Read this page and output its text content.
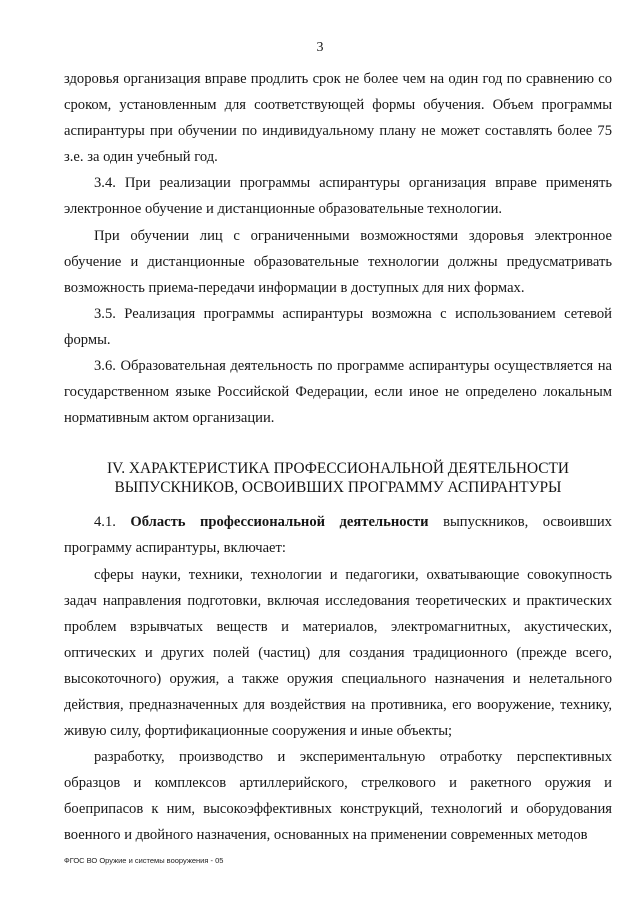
3

здоровья организация вправе продлить срок не более чем на один год по сравнению со сроком, установленным для соответствующей формы обучения. Объем программы аспирантуры при обучении по индивидуальному плану не может составлять более 75 з.е. за один учебный год.

3.4. При реализации программы аспирантуры организация вправе применять электронное обучение и дистанционные образовательные технологии.

При обучении лиц с ограниченными возможностями здоровья электронное обучение и дистанционные образовательные технологии должны предусматривать возможность приема-передачи информации в доступных для них формах.

3.5. Реализация программы аспирантуры возможна с использованием сетевой формы.

3.6. Образовательная деятельность по программе аспирантуры осуществляется на государственном языке Российской Федерации, если иное не определено локальным нормативным актом организации.

IV. ХАРАКТЕРИСТИКА ПРОФЕССИОНАЛЬНОЙ ДЕЯТЕЛЬНОСТИ
ВЫПУСКНИКОВ, ОСВОИВШИХ ПРОГРАММУ АСПИРАНТУРЫ

4.1. Область профессиональной деятельности выпускников, освоивших программу аспирантуры, включает:

сферы науки, техники, технологии и педагогики, охватывающие совокупность задач направления подготовки, включая исследования теоретических и практических проблем взрывчатых веществ и материалов, электромагнитных, акустических, оптических и других полей (частиц) для создания традиционного (прежде всего, высокоточного) оружия, а также оружия специального назначения и нелетального действия, предназначенных для воздействия на противника, его вооружение, технику, живую силу, фортификационные сооружения и иные объекты;

разработку, производство и экспериментальную отработку перспективных образцов и комплексов артиллерийского, стрелкового и ракетного оружия и боеприпасов к ним, высокоэффективных конструкций, технологий и оборудования военного и двойного назначения, основанных на применении современных методов

ФГОС ВО Оружие и системы вооружения - 05
